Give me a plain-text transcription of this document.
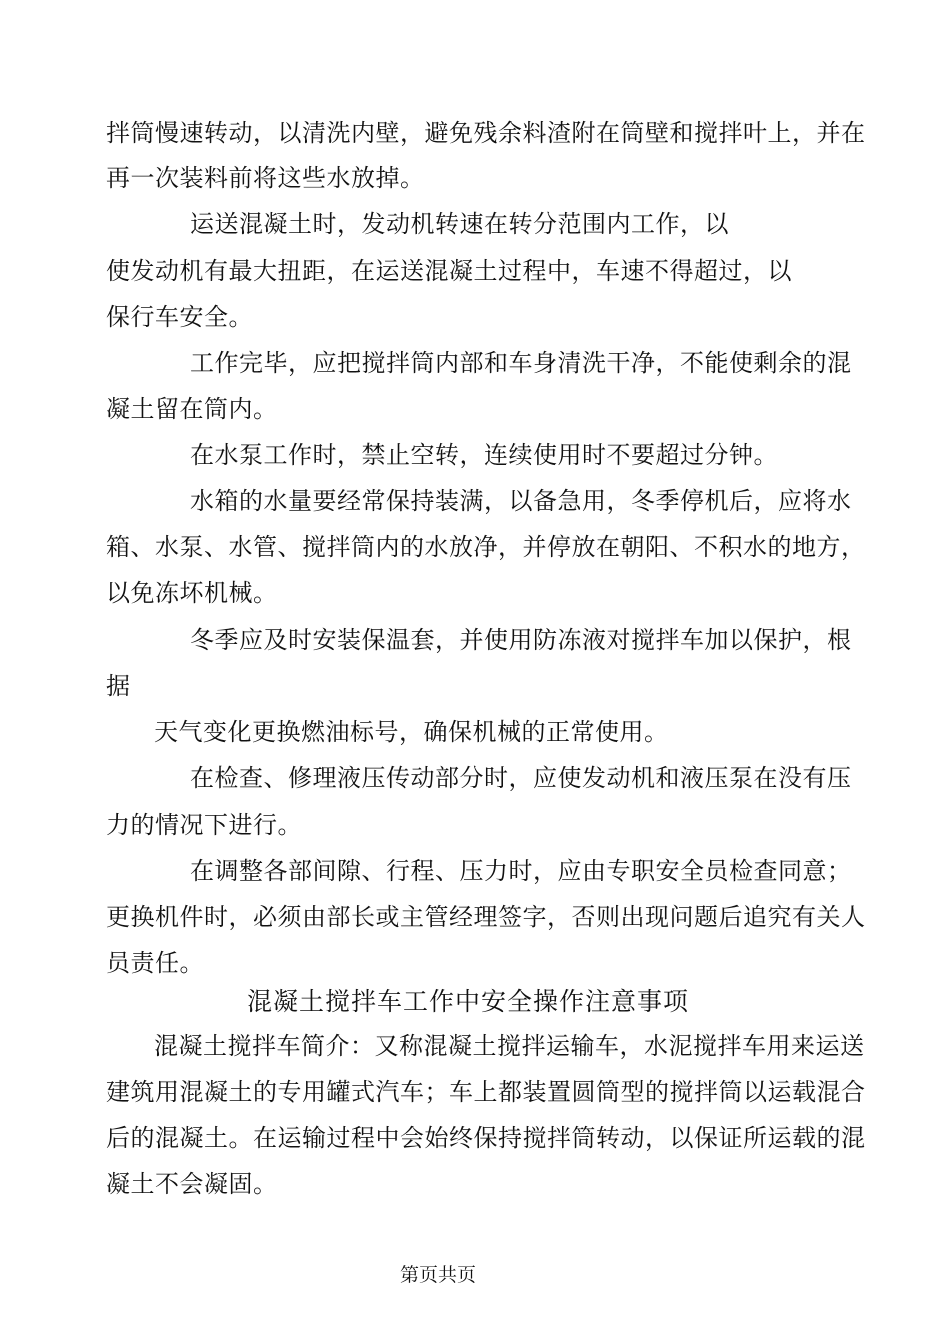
拌筒慢速转动，以清洗内壁，避免残余料渣附在筒壁和搅拌叶上，并在
再一次装料前将这些水放掉。
运送混凝土时，发动机转速在转分范围内工作，以
使发动机有最大扭距，在运送混凝土过程中，车速不得超过，以
保行车安全。
工作完毕，应把搅拌筒内部和车身清洗干净，不能使剩余的混
凝土留在筒内。
在水泵工作时，禁止空转，连续使用时不要超过分钟。
水箱的水量要经常保持装满，以备急用，冬季停机后，应将水
箱、水泵、水管、搅拌筒内的水放净，并停放在朝阳、不积水的地方，
以免冻坏机械。
冬季应及时安装保温套，并使用防冻液对搅拌车加以保护，根
据
天气变化更换燃油标号，确保机械的正常使用。
在检查、修理液压传动部分时，应使发动机和液压泵在没有压
力的情况下进行。
在调整各部间隙、行程、压力时，应由专职安全员检查同意；
更换机件时，必须由部长或主管经理签字，否则出现问题后追究有关人
员责任。
混凝土搅拌车工作中安全操作注意事项
混凝土搅拌车简介：又称混凝土搅拌运输车，水泥搅拌车用来运送
建筑用混凝土的专用罐式汽车；车上都装置圆筒型的搅拌筒以运载混合
后的混凝土。在运输过程中会始终保持搅拌筒转动，以保证所运载的混
凝土不会凝固。
第页共页
